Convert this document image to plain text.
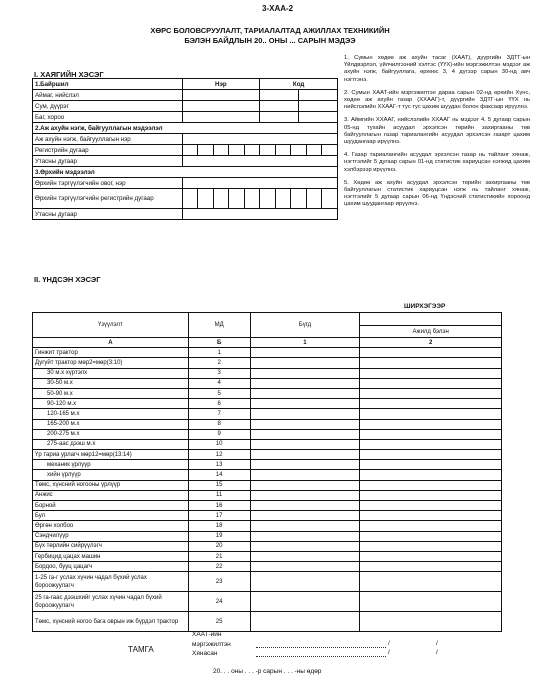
3-ХАА-2
ХӨРС БОЛОВСРУУЛАЛТ, ТАРИАЛАЛТАД АЖИЛЛАХ ТЕХНИКИЙН
БЭЛЭН БАЙДЛЫН 20.. ОНЫ ... САРЫН МЭДЭЭ
I. ХАЯГИЙН ХЭСЭГ
1.Байршил	Нэр	Код
Аймаг, нийслэл		

Сум, дүүрэг		

Баг, хороо		

2.Аж ахуйн нэгж, байгууллагын мэдээлэл		
Аж ахуйн нэгж, байгууллагын нэр		
Регистрийн дугаар		

Утасны дугаар		
3.Өрхийн мэдээлэл		
Өрхийн тэргүүлэгчийн овог, нэр		
Өрхийн тэргүүлэгчийн регистрийн дугаар		

Утасны дугаар		

1. Сумын хөдөө аж ахуйн тасаг (ХААТ), дүүргийн ЗДТГ-ын Үйлдвэрлэл, үйлчилгээний хэлтэс (ҮҮХ)-ийн мэргэжилтэн мэдээг аж ахуйн нэгж, байгууллага, өрхөөс 3, 4 дүгээр сарын 30-нд авч нэгтгэнэ.

2. Сумын ХААТ-ийн мэргэжилтэн дараа сарын 02-нд өрхийн Хүнс, хөдөө аж ахуйн газар (ХХААГ)-т, дүүргийн ЗДТГ-ын ҮҮХ нь нийслэлийн ХХААГ-т тус тус цахим шуудан болон факсаар ирүүлнэ.

3. Аймгийн ХХААГ, нийслэлийн ХХААГ нь мэдээг 4, 5 дугаар сарын 05-нд тухайн асуудал эрхэлсэн төрийн захиргааны төв байгууллагын газар тариалангийн асуудал эрхэлсэн газарт цахим шуудангаар ирүүлнэ.

4. Газар тариалангийн асуудал эрхэлсэн газар нь тайланг хянаж, нэгтгэлийг 5 дугаар сарын 01-нд статистик хариуцсан нэгжид цахим хэлбэрээр ирүүлнэ.

5. Хөдөө аж ахуйн асуудал эрхэлсэн төрийн захиргааны төв байгууллагын статистик хариуцсан нэгж нь тайланг хянаж, нэгтгэлийг 5 дугаар сарын 06-нд Үндэсний статистикийн хороонд цахим шуудангаар ирүүлнэ.

II. ҮНДСЭН ХЭСЭГ
ШИРХЭГЭЭР
Үзүүлэлт	МД	Бүгд	
			Ажилд бэлэн
А	Б	1	2
Гинжит трактор	1		
Дугуйт трактор мөр2=мөр(3:10)	2		
30 м.х хүртэлх	3		
30-50 м.х	4		
50-90 м.х	5		
90-120 м.х	6		
120-165 м.х	7		
165-200 м.х	8		
200-275 м.х	9		
275-аас дээш м.х	10		
Үр тариа урлагч мөр12=мөр(13:14)	12		
механик үрлүүр	13		
хийн үрлүүр	14		
Төмс, хүнсний ногооны үрлүүр	15		
Анжис	11		
Борной	16		
Бул	17		
Өргөн холбоо	18		
Сэндчилүүр	19		
Бүх төрлийн сийрүүлэгч	20		
Гербицид цацах машин	21		
Бордоо, бууц цацагч	22		
1-25 га-г услах хүчин чадал бүхий услах бороожуулагч	23		
25 га-гаас дээшхийг услах хүчин чадал бүхий бороожуулагч	24		
Төмс, хүнсний ногоо бага оврын иж бүрдэл трактор	25		
ТАМГА
ХААТ-ийн
мэргэжилтэн
Хянасан
/	/
/	/
20. . . оны . . . -р сарын . . . -ны өдөр
